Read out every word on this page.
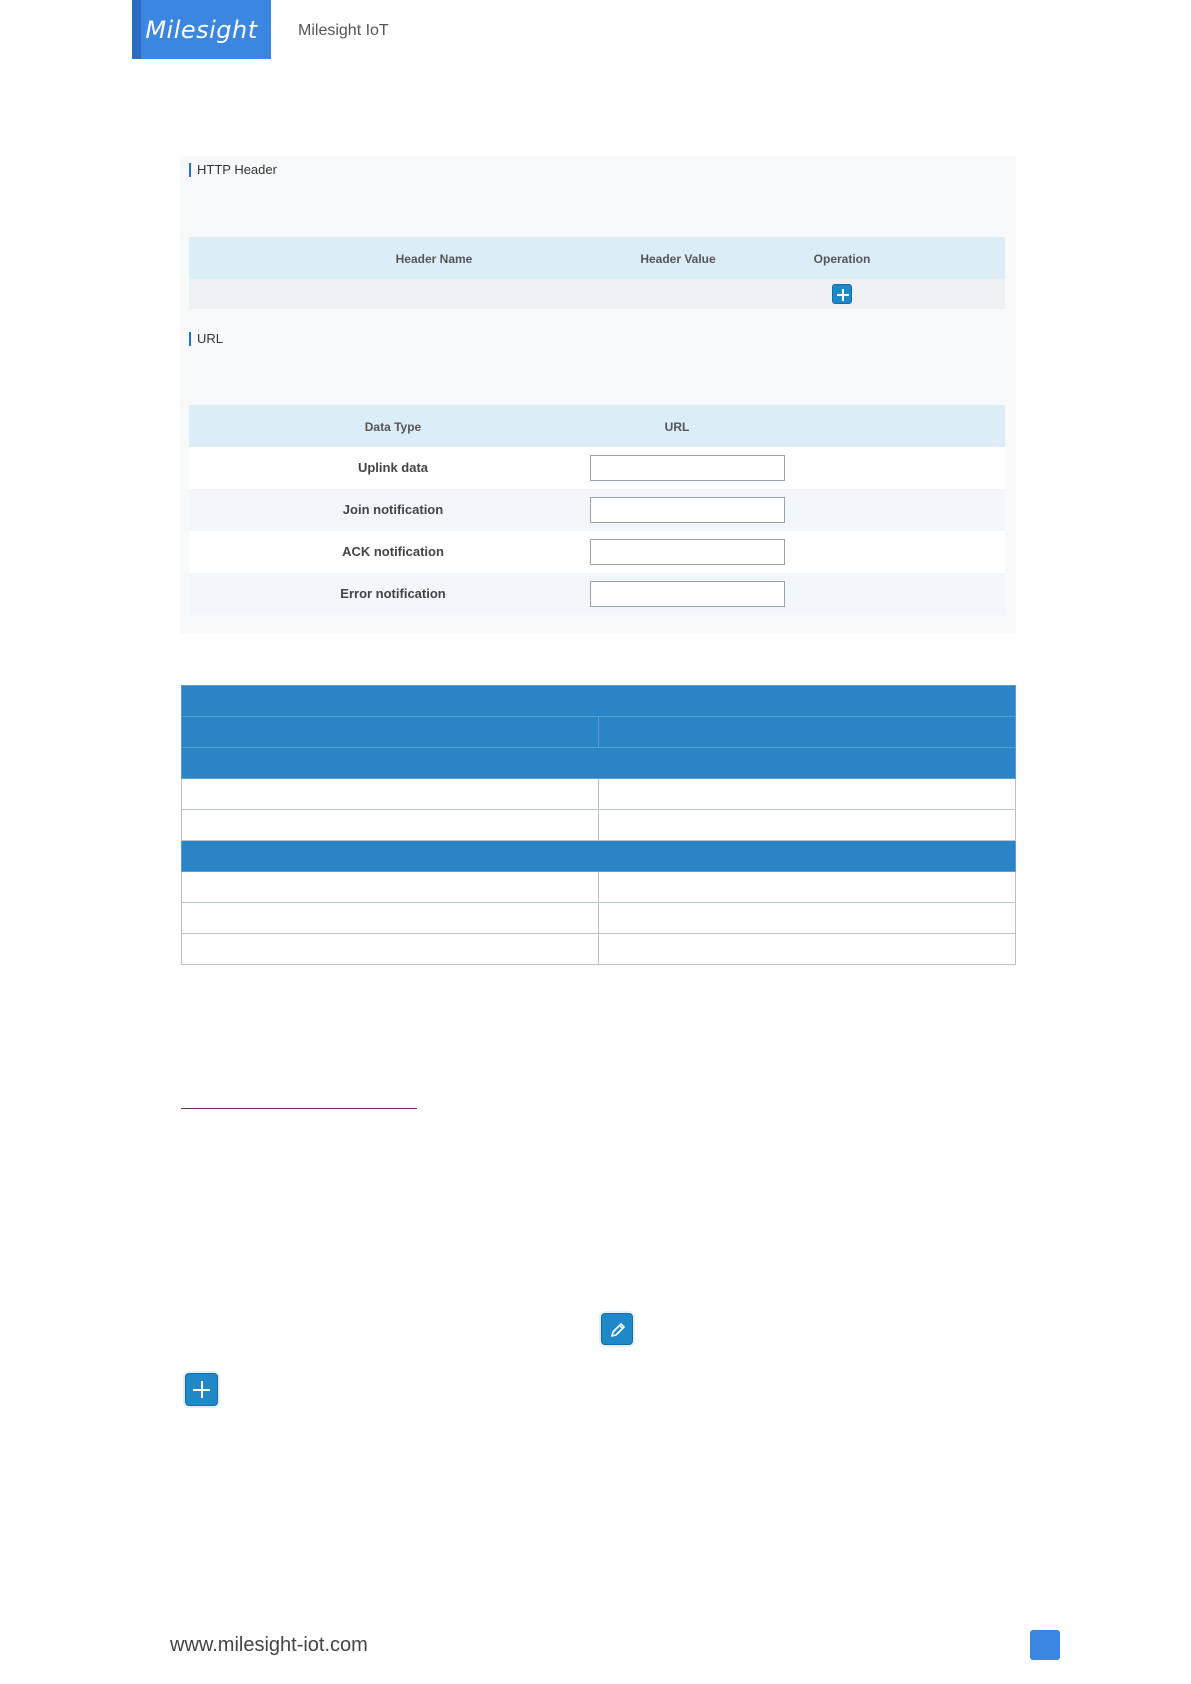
Milesight	Milesight IoT
HTTP Header
Header Name	Header Value	Operation
URL
Data Type	URL
Uplink data
Join notification
ACK notification
Error notification

www.milesight-iot.com
